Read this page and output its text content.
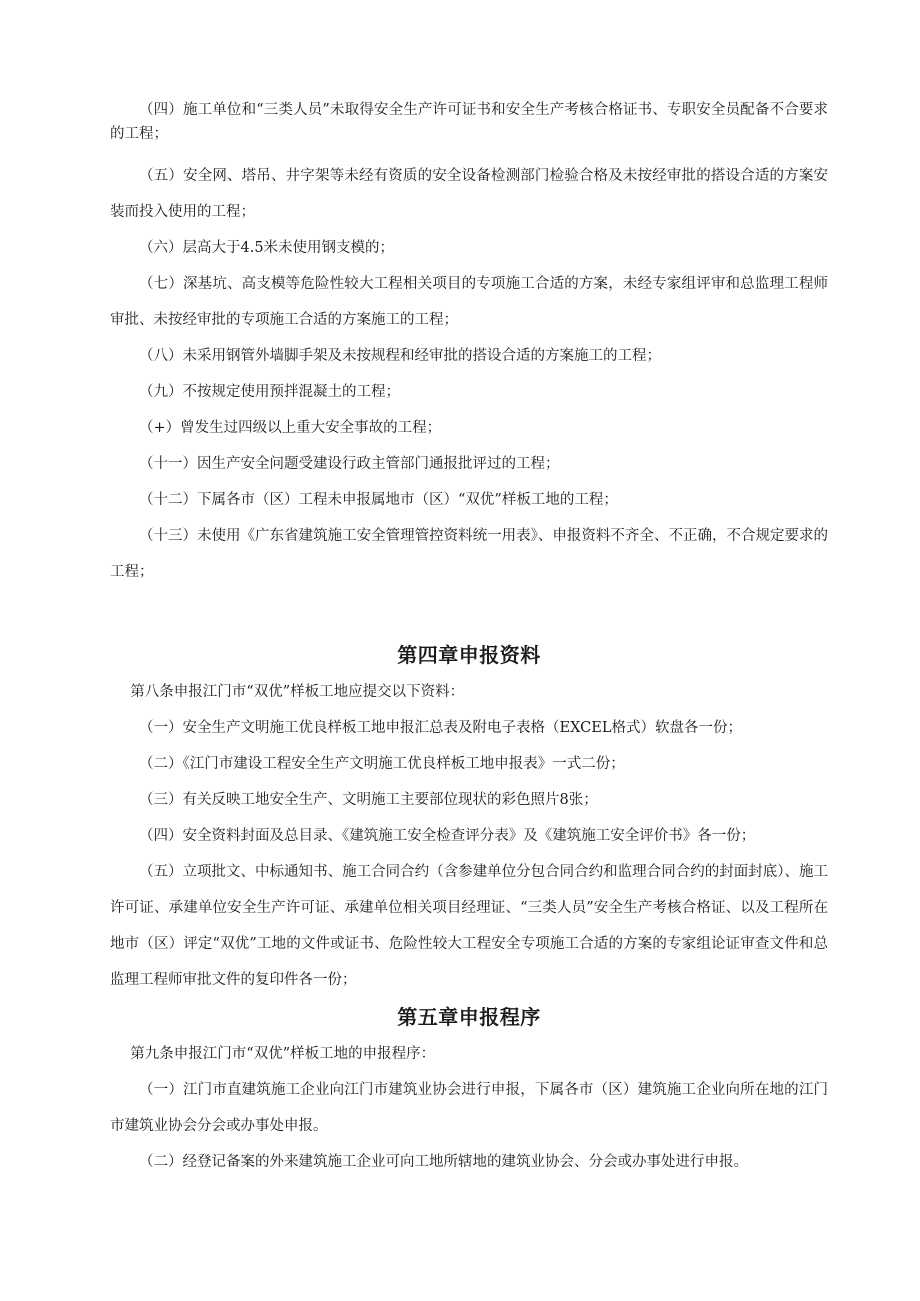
（四）施工单位和“三类人员”未取得安全生产许可证书和安全生产考核合格证书、专职安全员配备不合要求的工程；

（五）安全网、塔吊、井字架等未经有资质的安全设备检测部门检验合格及未按经审批的搭设合适的方案安装而投入使用的工程；

（六）层高大于4.5米未使用钢支模的；

（七）深基坑、高支模等危险性较大工程相关项目的专项施工合适的方案，未经专家组评审和总监理工程师审批、未按经审批的专项施工合适的方案施工的工程；

（八）未采用钢管外墙脚手架及未按规程和经审批的搭设合适的方案施工的工程；

（九）不按规定使用预拌混凝土的工程；

（+）曾发生过四级以上重大安全事故的工程；

（十一）因生产安全问题受建设行政主管部门通报批评过的工程；

（十二）下属各市（区）工程未申报属地市（区）“双优”样板工地的工程；

（十三）未使用《广东省建筑施工安全管理管控资料统一用表》、申报资料不齐全、不正确，不合规定要求的工程；

第四章申报资料

第八条申报江门市“双优”样板工地应提交以下资料：

（一）安全生产文明施工优良样板工地申报汇总表及附电子表格（EXCEL格式）软盘各一份；

（二）《江门市建设工程安全生产文明施工优良样板工地申报表》一式二份；

（三）有关反映工地安全生产、文明施工主要部位现状的彩色照片8张；

（四）安全资料封面及总目录、《建筑施工安全检查评分表》及《建筑施工安全评价书》各一份；

（五）立项批文、中标通知书、施工合同合约（含参建单位分包合同合约和监理合同合约的封面封底）、施工许可证、承建单位安全生产许可证、承建单位相关项目经理证、“三类人员”安全生产考核合格证、以及工程所在地市（区）评定“双优”工地的文件或证书、危险性较大工程安全专项施工合适的方案的专家组论证审查文件和总监理工程师审批文件的复印件各一份；

第五章申报程序

第九条申报江门市“双优”样板工地的申报程序：

（一）江门市直建筑施工企业向江门市建筑业协会进行申报，下属各市（区）建筑施工企业向所在地的江门市建筑业协会分会或办事处申报。

（二）经登记备案的外来建筑施工企业可向工地所辖地的建筑业协会、分会或办事处进行申报。
